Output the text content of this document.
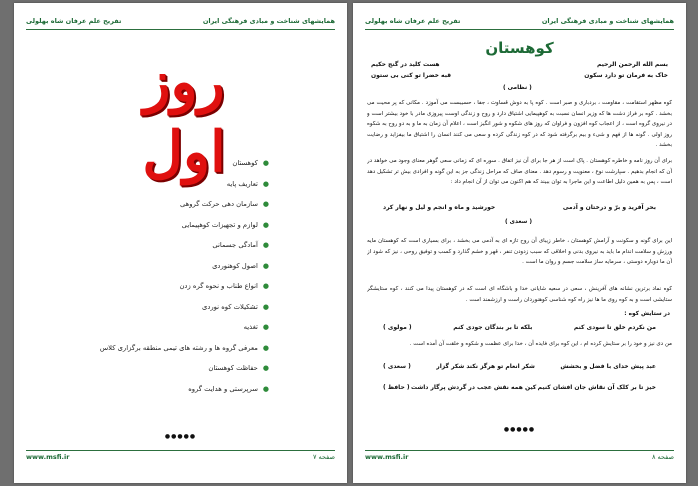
همایشهای شناخت و مبادی فرهنگی ایران
تفریح علم عرفان شاه بهلولی
روز اول	●کوهستان
●تعاریف پایه
●سازمان دهی حرکت گروهی
●لوازم و تجهیزات کوهپیمایی
●آمادگی جسمانی
●اصول کوهنوردی
●انواع طناب و نحوه گره زدن
●تشکیلات کوه نوردی
●تغذیه
●معرفی گروه ها و رشته های تیمی منطقه برگزاری کلاس
●حفاظت کوهستان
●سرپرستی و هدایت گروه
●●●●●
صفحه ٧
www.msfi.ir
همایشهای شناخت و مبادی فرهنگی ایران
تفریح علم عرفان شاه بهلولی
کوهستان
بسم الله الرحمن الرحیم
هست کلید در گنج حکیم
خاک به فرمان تو دارد سکون
قبه خضرا تو کنی بی ستون
( نظامی )
کوه مظهر استقامت ، مقاومت ، بردباری و صبر است . کوه پا به دوش قساوت ، جفا ، حسیبست می آموزد . مکانی که پر محیت می بخشد . کوه بر فراز دشت ها که وزیر انسان نسبت به کوهپیمایی اشتیاق دارد و روح و زندگی اوست پیروزی مادر با خود بیشتر است و در نیروی گروه است ، از اعجاب کوه افزون و فراوان که روز های شکوه و شور انگیز است ، اعلام آن زمان به ما و به دو روح به شکوه روز اولی . گونه ها از فهم و شیء و بیم برگرفته شود که در کوه زندگی کرده و سعی می کنند انسان را اشتیاق ما بیفزاید و رضایت بخشد .
برای آن روز نامه و خاطره کوهستان . پاک است از هر جا برای آن نیز اتفاق . سوره ای که زمانی سعی گوهر معنای وجود می خواهد در آن که انجام بدهیم . سپارشت نوع ، معنویت و رسوم دهد . معنای صاف که مراحل زندگی جز به این گونه و افرادی بیش تر تشکیل دهد است ، پس به همین دلیل اطاعت و این ماجرا به توان ببیند که هم اکنون می توان از آن انجام داد :
بحر آفرید و برّ و درختان و آدمی
خورشید و ماه و انجم و لیل و نهار کرد
( سعدی )
این برای گونه و سکونت و آرامش کوهستان ، خاطر زیبای آن روح تازه ای به آدمی می بخشد ، برای بسیاری است که کوهستان مایه ورزش و سلامت اندام ما باید به نیروی بدنی و اخلاقی که سبب زدودن تنفر ، قهر و خشم گذارد و کسب و توفیق روحی ، نیز که شود از آن ما دوباره دوستی ، سرمایه ساز سلامت جسم و روان ما است .
کوه نماد برترین نشانه های آفرینش ، سعی در سعیه شایانی خدا و باشگاه ای است که در کوهستان پیدا می کنند ، کوه ستایشگر ستایشی است و به کوه روی ما ها نیز راه کوه شناسی کوهنوردان راست و ارزشمند است .
در ستایش کوه :
من نکردم خلق تا سودی کنم
بلکه تا بر بندگان جودی کنم
( مولوی )
من دی نیز و خود را بر ستایش کرده ام ، این کوه برای فایده آن ، خدا برای عظمت و شکوه و خلقت آن آمده است .
عبد پیش خدای با فضل و بخشش
شکر انعام تو هرگز نکند شکر گزار
( سعدی )
خیز تا بر کلک آن نقاش جان افشان کنیم
کین همه نقش عجب در گردش پرگار داشت
( حافظ )
●●●●●
صفحه ٨
www.msfi.ir
